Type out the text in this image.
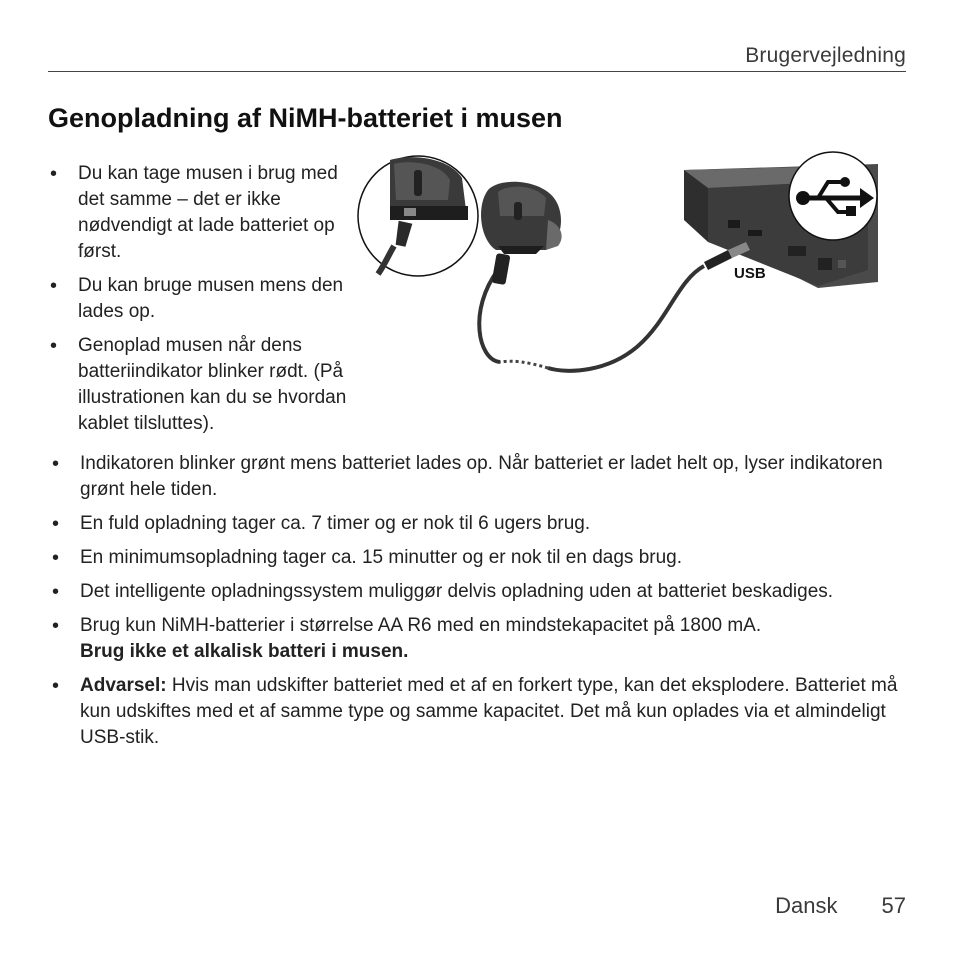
Brugervejledning
Genopladning af NiMH-batteriet i musen
• Du kan tage musen i brug med det samme – det er ikke nødvendigt at lade batteriet op først.
• Du kan bruge musen mens den lades op.
• Genoplad musen når dens batteriindikator blinker rødt. (På illustrationen kan du se hvordan kablet tilsluttes).
USB
• Indikatoren blinker grønt mens batteriet lades op. Når batteriet er ladet helt op, lyser indikatoren grønt hele tiden.
• En fuld opladning tager ca. 7 timer og er nok til 6 ugers brug.
• En minimumsopladning tager ca. 15 minutter og er nok til en dags brug.
• Det intelligente opladningssystem muliggør delvis opladning uden at batteriet beskadiges.
• Brug kun NiMH-batterier i størrelse AA R6 med en mindstekapacitet på 1800 mA.
Brug ikke et alkalisk batteri i musen.
• Advarsel: Hvis man udskifter batteriet med et af en forkert type, kan det eksplodere. Batteriet må kun udskiftes med et af samme type og samme kapacitet. Det må kun oplades via et almindeligt USB-stik.
Dansk 57
